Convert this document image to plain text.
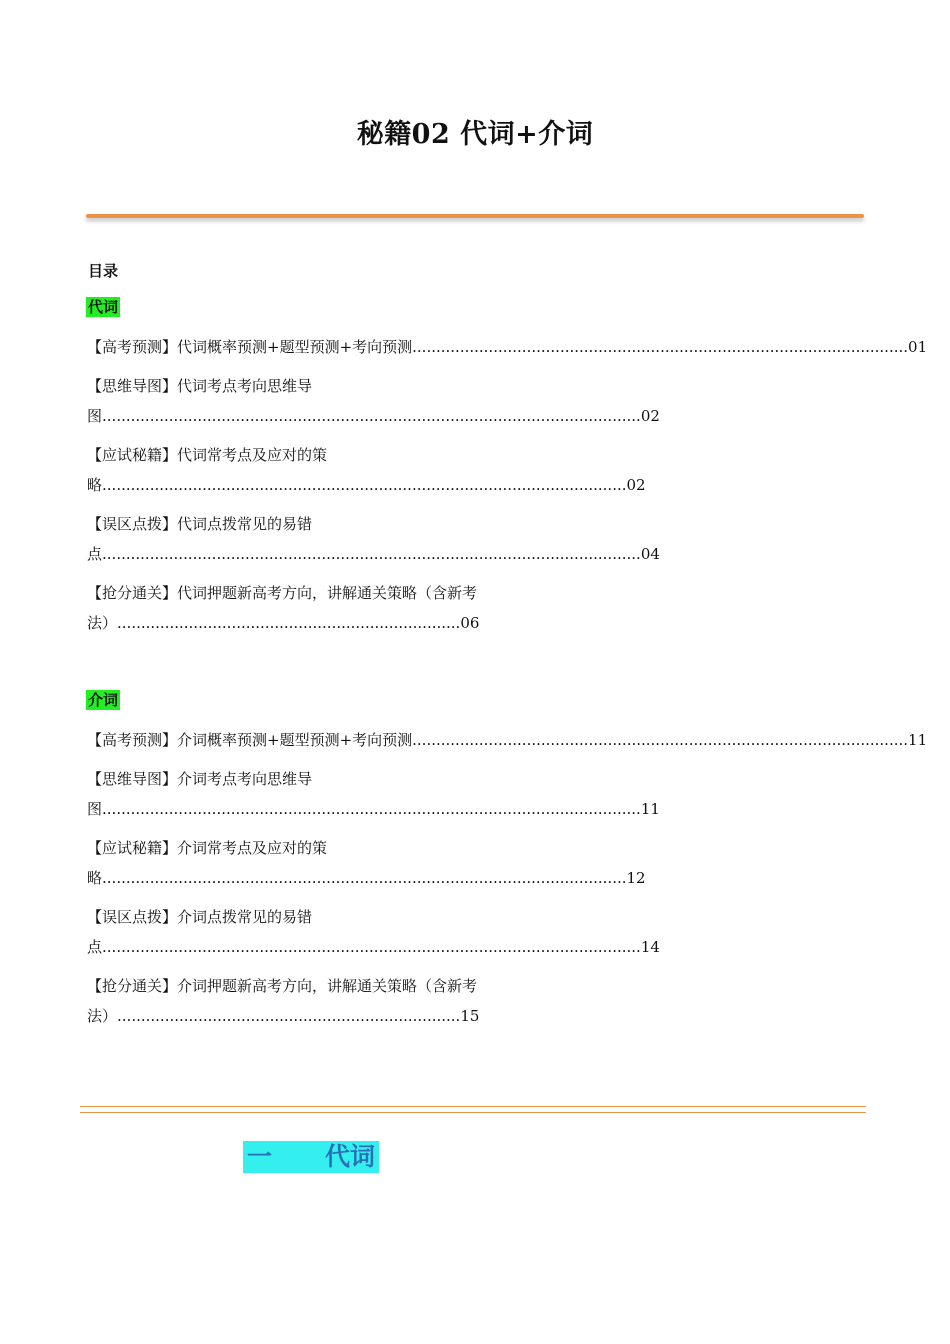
秘籍02 代词+介词
目录
代词
【高考预测】代词概率预测+题型预测+考向预测........................................................................................................01
【思维导图】代词考点考向思维导
图.................................................................................................................02
【应试秘籍】代词常考点及应对的策
略..............................................................................................................02
【误区点拨】代词点拨常见的易错
点.................................................................................................................04
【抢分通关】代词押题新高考方向，讲解通关策略（含新考
法）........................................................................06
介词
【高考预测】介词概率预测+题型预测+考向预测........................................................................................................11
【思维导图】介词考点考向思维导
图.................................................................................................................11
【应试秘籍】介词常考点及应对的策
略..............................................................................................................12
【误区点拨】介词点拨常见的易错
点.................................................................................................................14
【抢分通关】介词押题新高考方向，讲解通关策略（含新考
法）........................................................................15
一 代词
